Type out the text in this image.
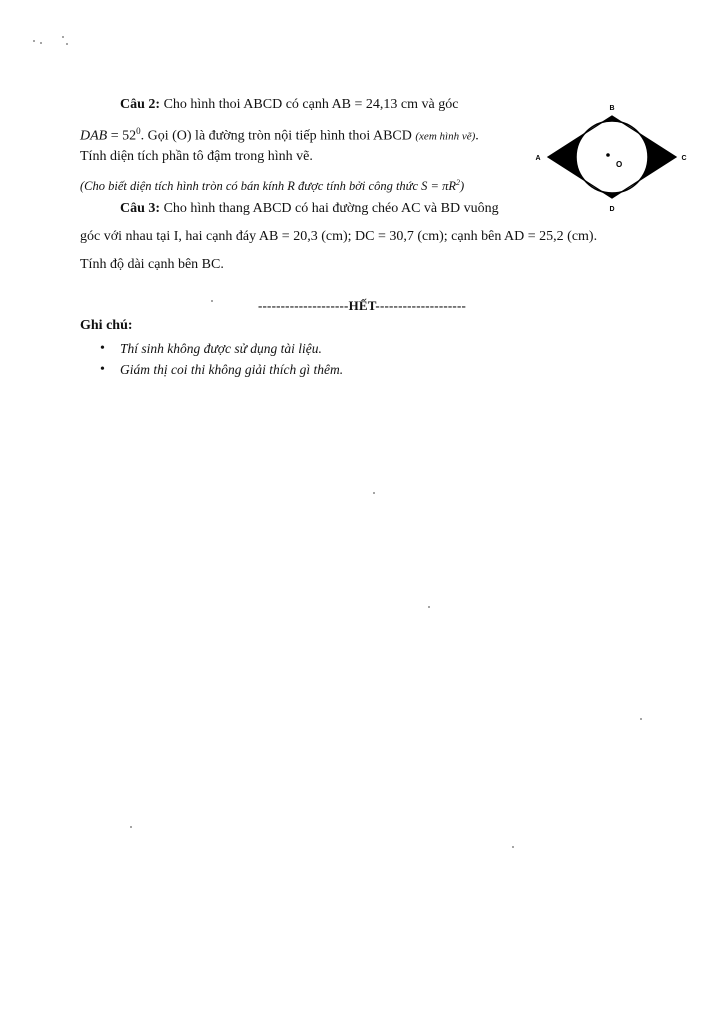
Câu 2: Cho hình thoi ABCD có cạnh AB = 24,13 cm và góc
DAB = $52^0$. Gọi (O) là đường tròn nội tiếp hình thoi ABCD (xem hình vẽ).
Tính diện tích phần tô đậm trong hình vẽ.
(Cho biết diện tích hình tròn có bán kính R được tính bởi công thức $S = \pi R^2$)
Câu 3: Cho hình thang ABCD có hai đường chéo AC và BD vuông
góc với nhau tại I, hai cạnh đáy AB = 20,3 (cm); DC = 30,7 (cm); cạnh bên AD = 25,2 (cm).
Tính độ dài cạnh bên BC.
--------------------HẾT--------------------
Ghi chú:
• Thí sinh không được sử dụng tài liệu.
• Giám thị coi thi không giải thích gì thêm.
B
A	C
D
O
